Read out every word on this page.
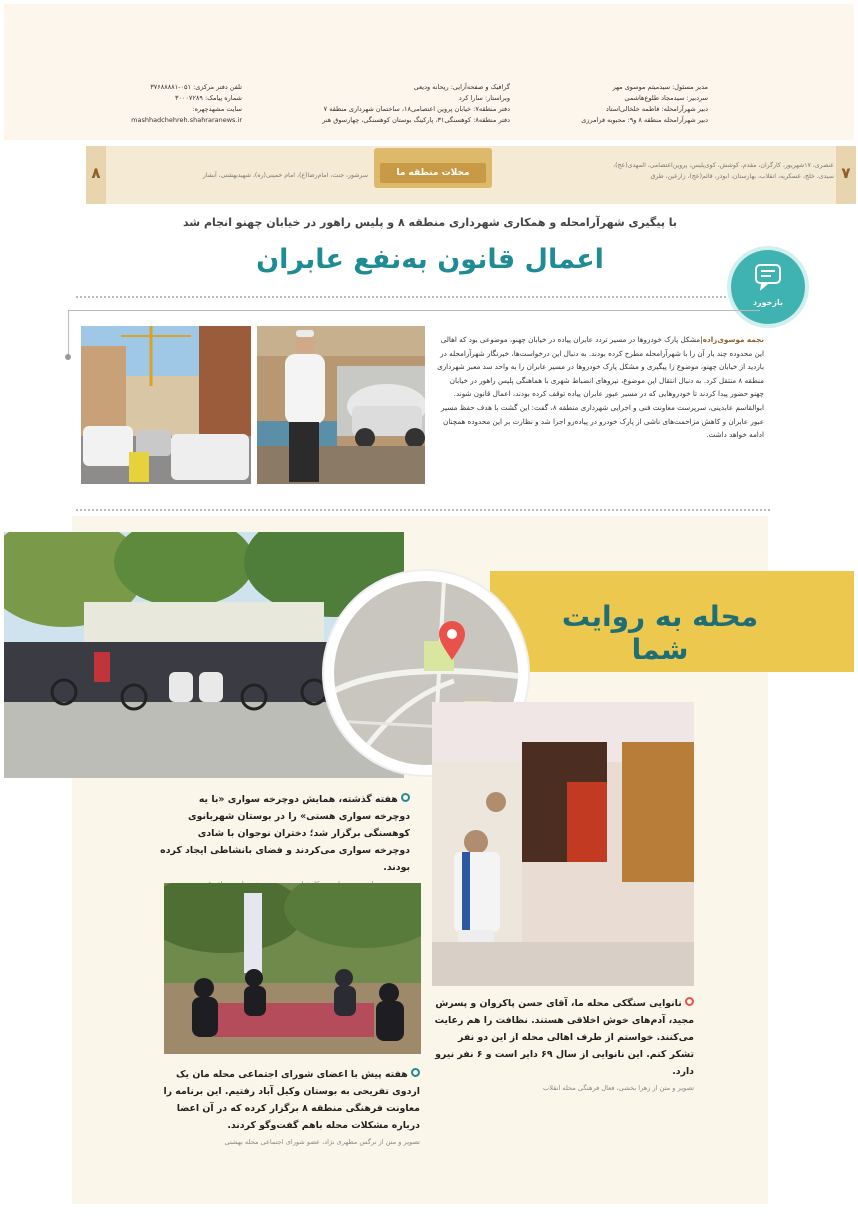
مدیر مسئول: سیدمیثم موسوی مهر
سردبیر: سیدمجاد طلوع‌هاشمی
دبیر شهرآرامحله: فاطمه خلخالی‌استاد
دبیر شهرآرامحله منطقه ۸ و۹: محبوبه فرامرزی
گرافیک و صفحه‌آرایی: ریحانه ودیعی
ویراستار: سارا کرد
دفتر منطقه۷: خیابان پروین اعتصامی۱۸، ساختمان شهرداری منطقه ۷
دفتر منطقه۸: کوهسنگی۳۱، پارکینگ بوستان کوهسنگی، چهارسوق هنر
تلفن دفتر مرکزی: ۰۵۱-۳۷۶۸۸۸۸۱
شماره پیامک: ۳۰۰۰۷۲۸۹
سایت مشهدچهره:
mashhadchehreh.shahraranews.ir
۷
عنصری، ۱۷شهریور، کارگران، مقدم، کوشش، کوی‌پلیس، پروین‌اعتصامی، المهدی(عج)،
سیدی، خلج، عسکریه، انقلاب، بهارستان، ابوذر، قائم(عج)، زارعین، طرق
محلات منطقه ما
سرشور، جنت، امام‌رضا(ع)، امام خمینی(ره)، شهیدبهشتی، آبشار
۸
با پیگیری شهرآرامحله و همکاری شهرداری منطقه ۸ و پلیس راهور در خیابان چهنو انجام شد
اعمال قانون به‌نفع عابران
بازخورد
نجمه موسوی‌زاده|مشکل پارک خودروها در مسیر تردد عابران پیاده در خیابان چهنو، موضوعی بود که اهالی این محدوده چند بار آن را با شهرآرامحله مطرح کرده بودند. به دنبال این درخواست‌ها، خبرنگار شهرآرامحله در بازدید از خیابان چهنو، موضوع را پیگیری و مشکل پارک خودروها در مسیر عابران را به واحد سد معبر شهرداری منطقه ۸ منتقل کرد. به دنبال انتقال این موضوع، نیروهای انضباط شهری با هماهنگی پلیس راهور در خیابان چهنو حضور پیدا کردند تا خودروهایی که در مسیر عبور عابران پیاده توقف کرده بودند، اعمال قانون شوند.
ابوالقاسم عابدینی، سرپرست معاونت فنی و اجرایی شهرداری منطقه ۸، گفت: این گشت با هدف حفظ مسیر عبور عابران و کاهش مزاحمت‌های ناشی از پارک خودرو در پیاده‌رو اجرا شد و نظارت بر این محدوده همچنان ادامه خواهد داشت.
محله به روایت شما
هفته گذشته، همایش دوچرخه سواری «با یه دوچرخه سواری هستی» را در بوستان شهربانوی کوهسنگی برگزار شد؛ دختران نوجوان با شادی دوچرخه سواری می‌کردند و فضای بانشاطی ایجاد کرده بودند.
نانوایی سنگکی محله ما، آقای حسن پاکروان و پسرش مجید، آدم‌های خوش اخلاقی هستند. نظافت را هم رعایت می‌کنند. خواستم از طرف اهالی محله از این دو نفر تشکر کنم. این نانوایی از سال ۶۹ دایر است و ۶ نفر نیرو دارد.
تصویر و متن از زهرا بخشی، فعال فرهنگی محله انقلاب
هفته پیش با اعضای شورای اجتماعی محله مان یک اردوی تفریحی به بوستان وکیل آباد رفتیم. این برنامه را معاونت فرهنگی منطقه ۸ برگزار کرده که در آن اعضا درباره مشکلات محله باهم گفت‌وگو کردند.
تصویر و متن از نرگس مطهری نژاد، عضو شورای اجتماعی محله بهشتی
